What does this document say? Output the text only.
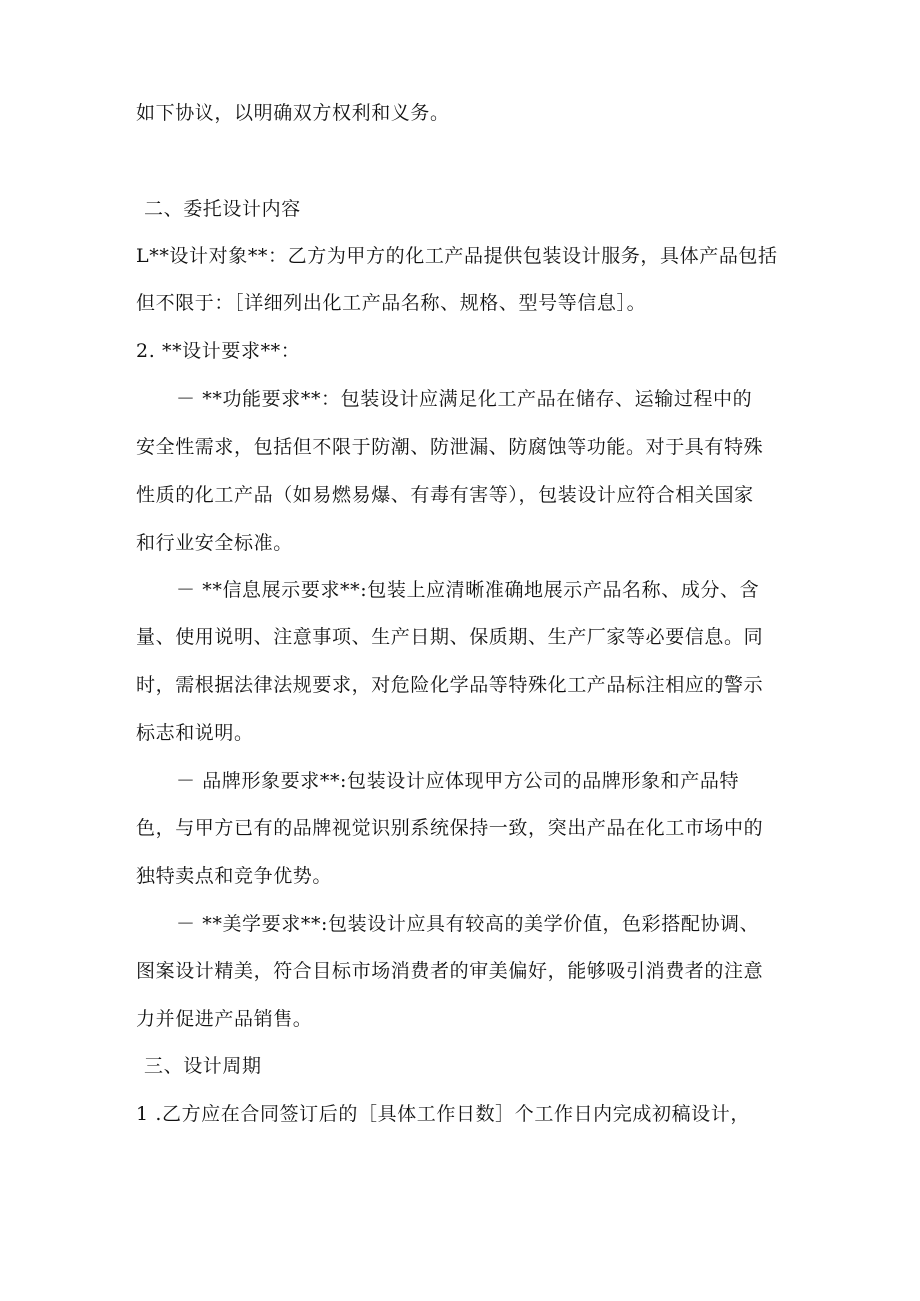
如下协议，以明确双方权利和义务。
二、委托设计内容
L**设计对象**：乙方为甲方的化工产品提供包装设计服务，具体产品包括
但不限于：［详细列出化工产品名称、规格、型号等信息］。
2. **设计要求**：
－ **功能要求**：包装设计应满足化工产品在储存、运输过程中的
安全性需求，包括但不限于防潮、防泄漏、防腐蚀等功能。对于具有特殊
性质的化工产品（如易燃易爆、有毒有害等），包装设计应符合相关国家
和行业安全标准。
－ **信息展示要求**:包装上应清晰准确地展示产品名称、成分、含
量、使用说明、注意事项、生产日期、保质期、生产厂家等必要信息。同
时，需根据法律法规要求，对危险化学品等特殊化工产品标注相应的警示
标志和说明。
－ 品牌形象要求**:包装设计应体现甲方公司的品牌形象和产品特
色，与甲方已有的品牌视觉识别系统保持一致，突出产品在化工市场中的
独特卖点和竞争优势。
－ **美学要求**:包装设计应具有较高的美学价值，色彩搭配协调、
图案设计精美，符合目标市场消费者的审美偏好，能够吸引消费者的注意
力并促进产品销售。
三、设计周期
1 .乙方应在合同签订后的［具体工作日数］个工作日内完成初稿设计，
